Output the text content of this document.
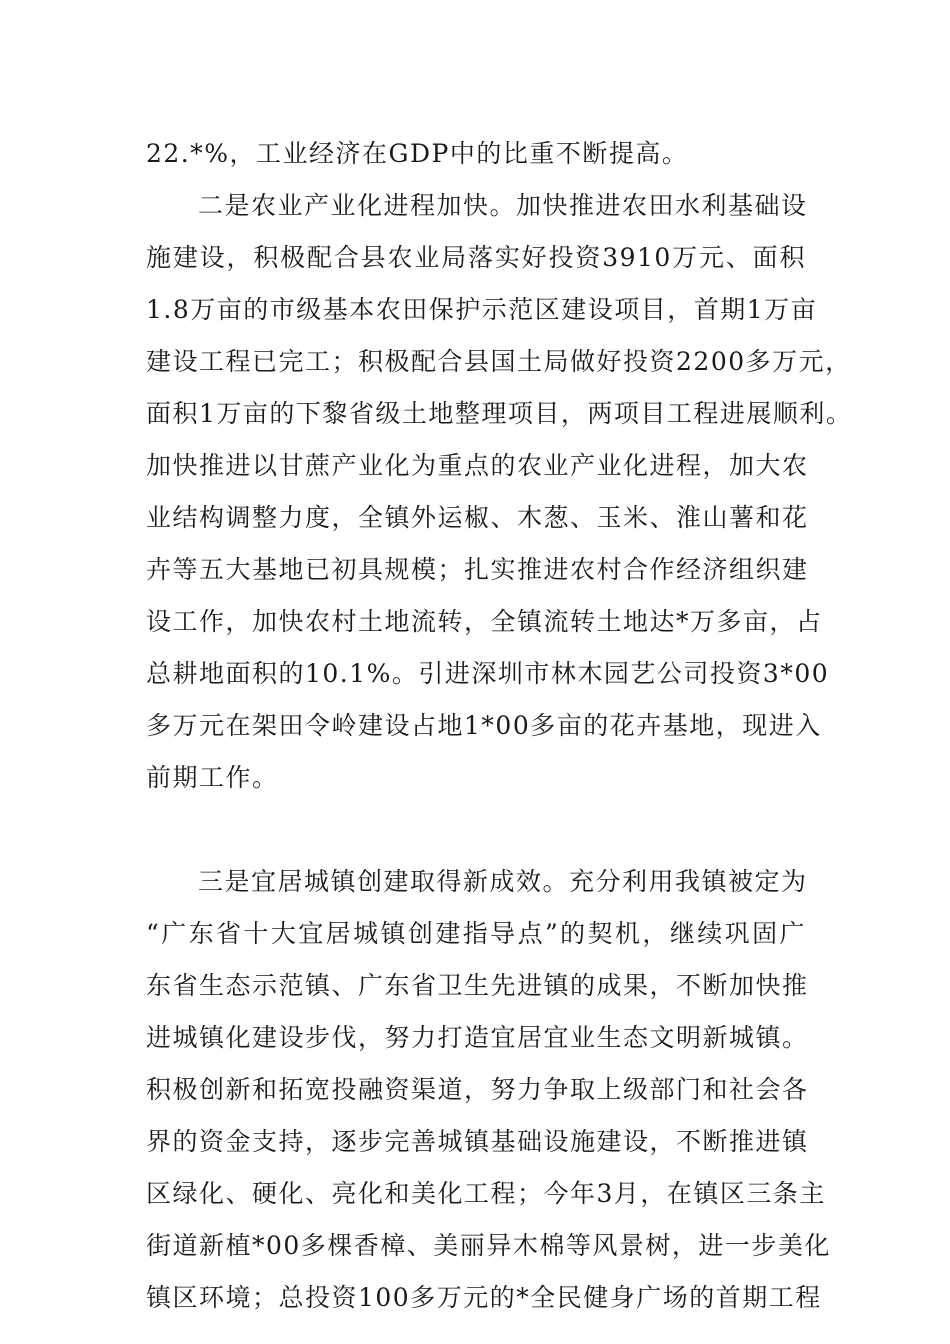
22.*%，工业经济在GDP中的比重不断提高。
二是农业产业化进程加快。加快推进农田水利基础设
施建设，积极配合县农业局落实好投资3910万元、面积
1.8万亩的市级基本农田保护示范区建设项目，首期1万亩
建设工程已完工；积极配合县国土局做好投资2200多万元，
面积1万亩的下黎省级土地整理项目，两项目工程进展顺利。
加快推进以甘蔗产业化为重点的农业产业化进程，加大农
业结构调整力度，全镇外运椒、木葱、玉米、淮山薯和花
卉等五大基地已初具规模；扎实推进农村合作经济组织建
设工作，加快农村土地流转，全镇流转土地达*万多亩，占
总耕地面积的10.1%。引进深圳市林木园艺公司投资3*00
多万元在架田令岭建设占地1*00多亩的花卉基地，现进入
前期工作。
三是宜居城镇创建取得新成效。充分利用我镇被定为
“广东省十大宜居城镇创建指导点”的契机，继续巩固广
东省生态示范镇、广东省卫生先进镇的成果，不断加快推
进城镇化建设步伐，努力打造宜居宜业生态文明新城镇。
积极创新和拓宽投融资渠道，努力争取上级部门和社会各
界的资金支持，逐步完善城镇基础设施建设，不断推进镇
区绿化、硬化、亮化和美化工程；今年3月，在镇区三条主
街道新植*00多棵香樟、美丽异木棉等风景树，进一步美化
镇区环境；总投资100多万元的*全民健身广场的首期工程
